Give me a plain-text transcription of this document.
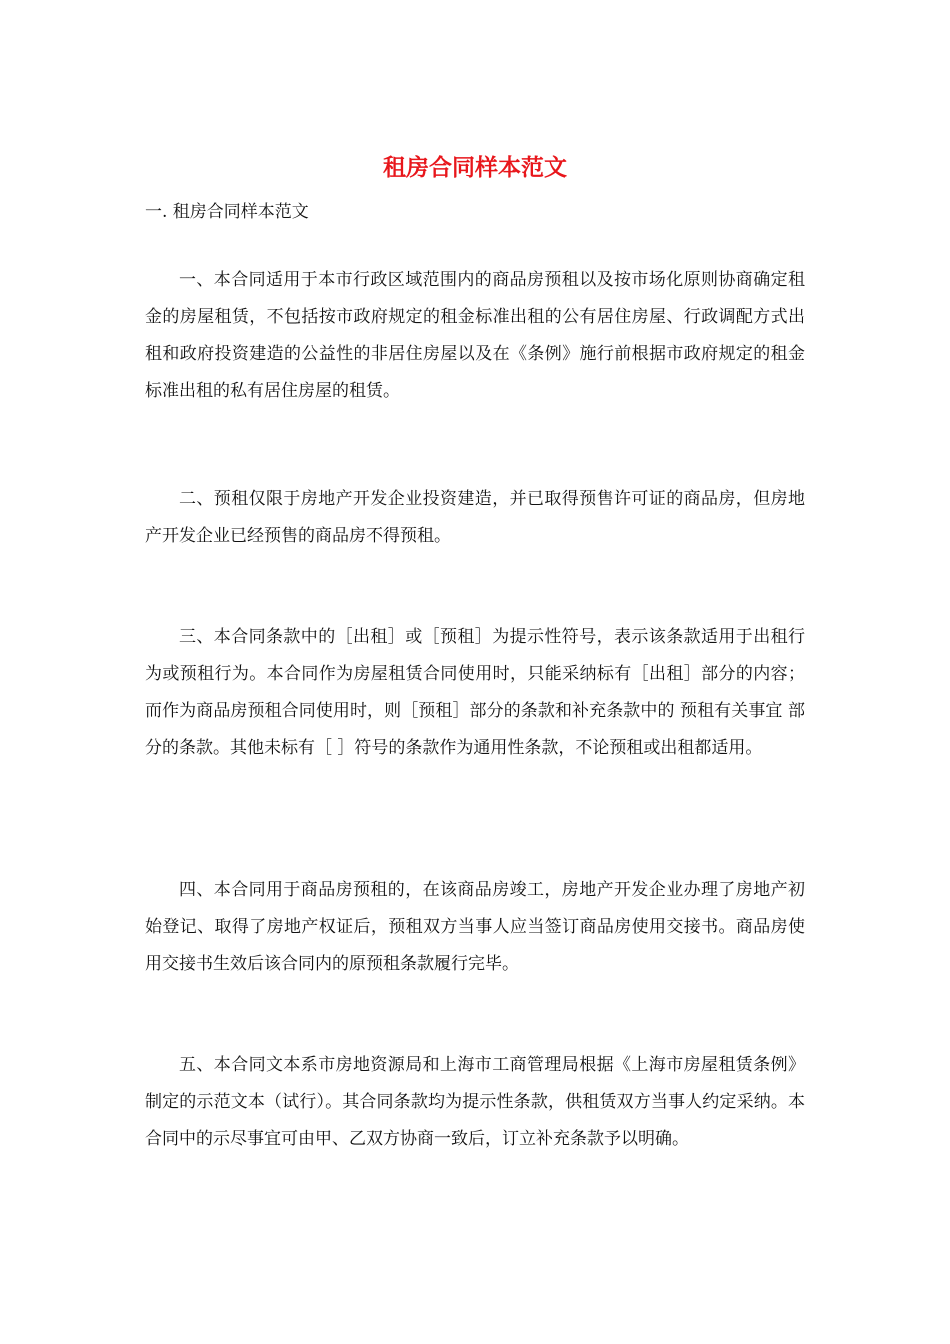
租房合同样本范文

一. 租房合同样本范文

一、本合同适用于本市行政区域范围内的商品房预租以及按市场化原则协商确定租金的房屋租赁，不包括按市政府规定的租金标准出租的公有居住房屋、行政调配方式出租和政府投资建造的公益性的非居住房屋以及在《条例》施行前根据市政府规定的租金标准出租的私有居住房屋的租赁。

二、预租仅限于房地产开发企业投资建造，并已取得预售许可证的商品房，但房地产开发企业已经预售的商品房不得预租。

三、本合同条款中的［出租］或［预租］为提示性符号，表示该条款适用于出租行为或预租行为。本合同作为房屋租赁合同使用时，只能采纳标有［出租］部分的内容；而作为商品房预租合同使用时，则［预租］部分的条款和补充条款中的 预租有关事宜 部分的条款。其他未标有［ ］符号的条款作为通用性条款，不论预租或出租都适用。

四、本合同用于商品房预租的，在该商品房竣工，房地产开发企业办理了房地产初始登记、取得了房地产权证后，预租双方当事人应当签订商品房使用交接书。商品房使用交接书生效后该合同内的原预租条款履行完毕。

五、本合同文本系市房地资源局和上海市工商管理局根据《上海市房屋租赁条例》制定的示范文本（试行）。其合同条款均为提示性条款，供租赁双方当事人约定采纳。本合同中的示尽事宜可由甲、乙双方协商一致后，订立补充条款予以明确。
